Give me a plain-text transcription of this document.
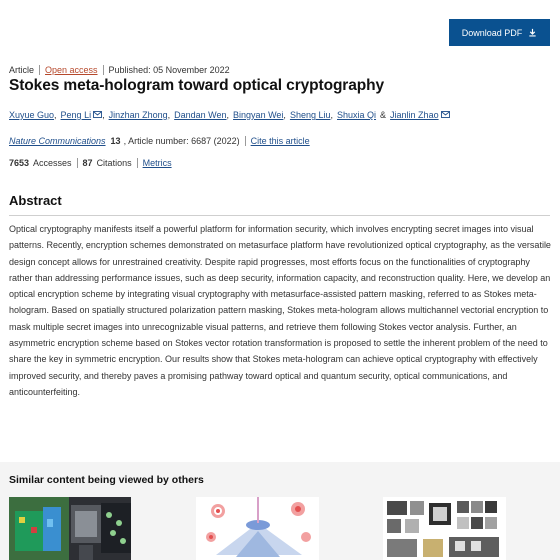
Download PDF
Article Open access Published: 05 November 2022
Stokes meta-hologram toward optical cryptography
Xuyue Guo , Peng Li , Jinzhan Zhong , Dandan Wen , Bingyan Wei , Sheng Liu , Shuxia Qi & Jianlin Zhao
Nature Communications 13 , Article number: 6687 (2022) Cite this article
7653 Accesses 87 Citations Metrics
Abstract

Optical cryptography manifests itself a powerful platform for information security, which involves encrypting secret images into visual patterns. Recently, encryption schemes demonstrated on metasurface platform have revolutionized optical cryptography, as the versatile design concept allows for unrestrained creativity. Despite rapid progresses, most efforts focus on the functionalities of cryptography rather than addressing performance issues, such as deep security, information capacity, and reconstruction quality. Here, we develop an optical encryption scheme by integrating visual cryptography with metasurface-assisted pattern masking, referred to as Stokes meta-hologram. Based on spatially structured polarization pattern masking, Stokes meta-hologram allows multichannel vectorial encryption to mask multiple secret images into unrecognizable visual patterns, and retrieve them following Stokes vector analysis. Further, an asymmetric encryption scheme based on Stokes vector rotation transformation is proposed to settle the inherent problem of the need to share the key in symmetric encryption. Our results show that Stokes meta-hologram can achieve optical cryptography with effectively improved security, and thereby paves a promising pathway toward optical and quantum security, optical communications, and anticounterfeiting.

Similar content being viewed by others
